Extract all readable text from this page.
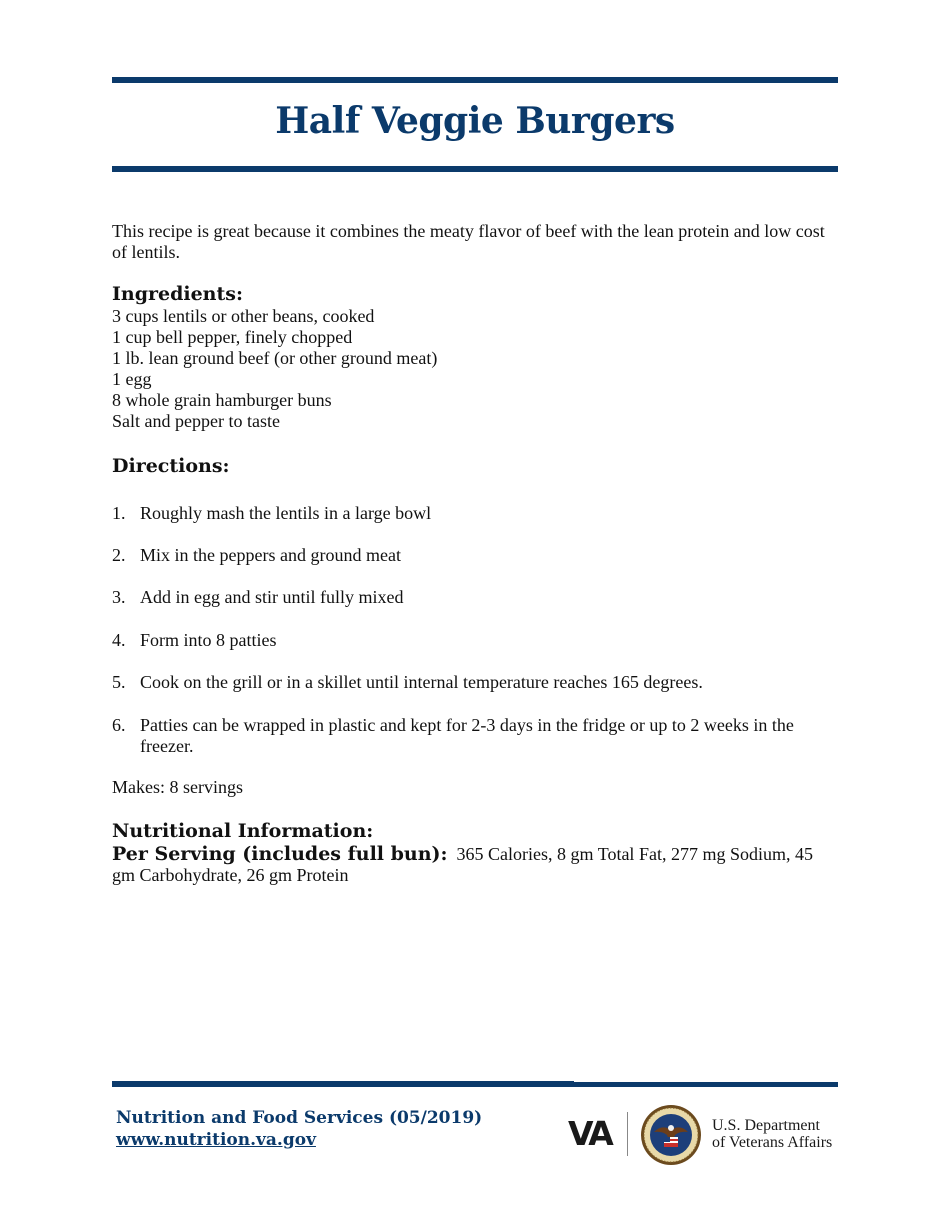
Half Veggie Burgers

This recipe is great because it combines the meaty flavor of beef with the lean protein and low cost of lentils.

Ingredients:
3 cups lentils or other beans, cooked
1 cup bell pepper, finely chopped
1 lb. lean ground beef (or other ground meat)
1 egg
8 whole grain hamburger buns
Salt and pepper to taste
Directions:
1. Roughly mash the lentils in a large bowl
2. Mix in the peppers and ground meat
3. Add in egg and stir until fully mixed
4. Form into 8 patties
5. Cook on the grill or in a skillet until internal temperature reaches 165 degrees.
6. Patties can be wrapped in plastic and kept for 2-3 days in the fridge or up to 2 weeks in the freezer.

Makes: 8 servings

Nutritional Information:

Per Serving (includes full bun): 365 Calories, 8 gm Total Fat, 277 mg Sodium, 45 gm Carbohydrate, 26 gm Protein

Nutrition and Food Services (05/2019)
www.nutrition.va.gov	VA	U.S. Department
of Veterans Affairs
